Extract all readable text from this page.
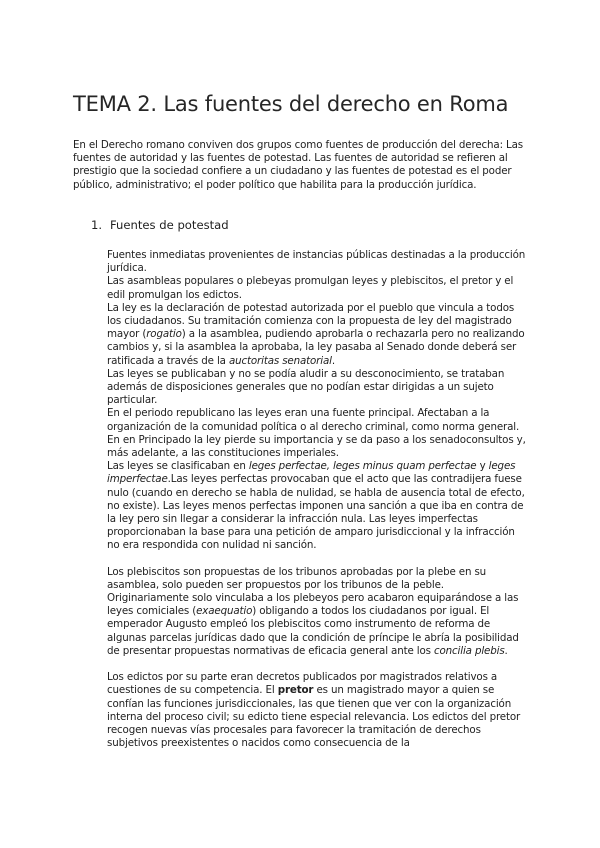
TEMA 2. Las fuentes del derecho en Roma

En el Derecho romano conviven dos grupos como fuentes de producción del derecha: Las fuentes de autoridad y las fuentes de potestad. Las fuentes de autoridad se refieren al prestigio que la sociedad confiere a un ciudadano y las fuentes de potestad es el poder público, administrativo; el poder político que habilita para la producción jurídica.

1. Fuentes de potestad

Fuentes inmediatas provenientes de instancias públicas destinadas a la producción jurídica.

Las asambleas populares o plebeyas promulgan leyes y plebiscitos, el pretor y el edil promulgan los edictos.

La ley es la declaración de potestad autorizada por el pueblo que vincula a todos los ciudadanos. Su tramitación comienza con la propuesta de ley del magistrado mayor (rogatio) a la asamblea, pudiendo aprobarla o rechazarla pero no realizando cambios y, si la asamblea la aprobaba, la ley pasaba al Senado donde deberá ser ratificada a través de la auctoritas senatorial.

Las leyes se publicaban y no se podía aludir a su desconocimiento, se trataban además de disposiciones generales que no podían estar dirigidas a un sujeto particular.

En el periodo republicano las leyes eran una fuente principal. Afectaban a la organización de la comunidad política o al derecho criminal, como norma general. En en Principado la ley pierde su importancia y se da paso a los senadoconsultos y, más adelante, a las constituciones imperiales.

Las leyes se clasificaban en leges perfectae, leges minus quam perfectae y leges imperfectae.Las leyes perfectas provocaban que el acto que las contradijera fuese nulo (cuando en derecho se habla de nulidad, se habla de ausencia total de efecto, no existe). Las leyes menos perfectas imponen una sanción a que iba en contra de la ley pero sin llegar a considerar la infracción nula. Las leyes imperfectas proporcionaban la base para una petición de amparo jurisdiccional y la infracción no era respondida con nulidad ni sanción.

Los plebiscitos son propuestas de los tribunos aprobadas por la plebe en su asamblea, solo pueden ser propuestos por los tribunos de la peble. Originariamente solo vinculaba a los plebeyos pero acabaron equiparándose a las leyes comiciales (exaequatio) obligando a todos los ciudadanos por igual. El emperador Augusto empleó los plebiscitos como instrumento de reforma de algunas parcelas jurídicas dado que la condición de príncipe le abría la posibilidad de presentar propuestas normativas de eficacia general ante los concilia plebis.

Los edictos por su parte eran decretos publicados por magistrados relativos a cuestiones de su competencia. El pretor es un magistrado mayor a quien se confían las funciones jurisdiccionales, las que tienen que ver con la organización interna del proceso civil; su edicto tiene especial relevancia. Los edictos del pretor recogen nuevas vías procesales para favorecer la tramitación de derechos subjetivos preexistentes o nacidos como consecuencia de la
